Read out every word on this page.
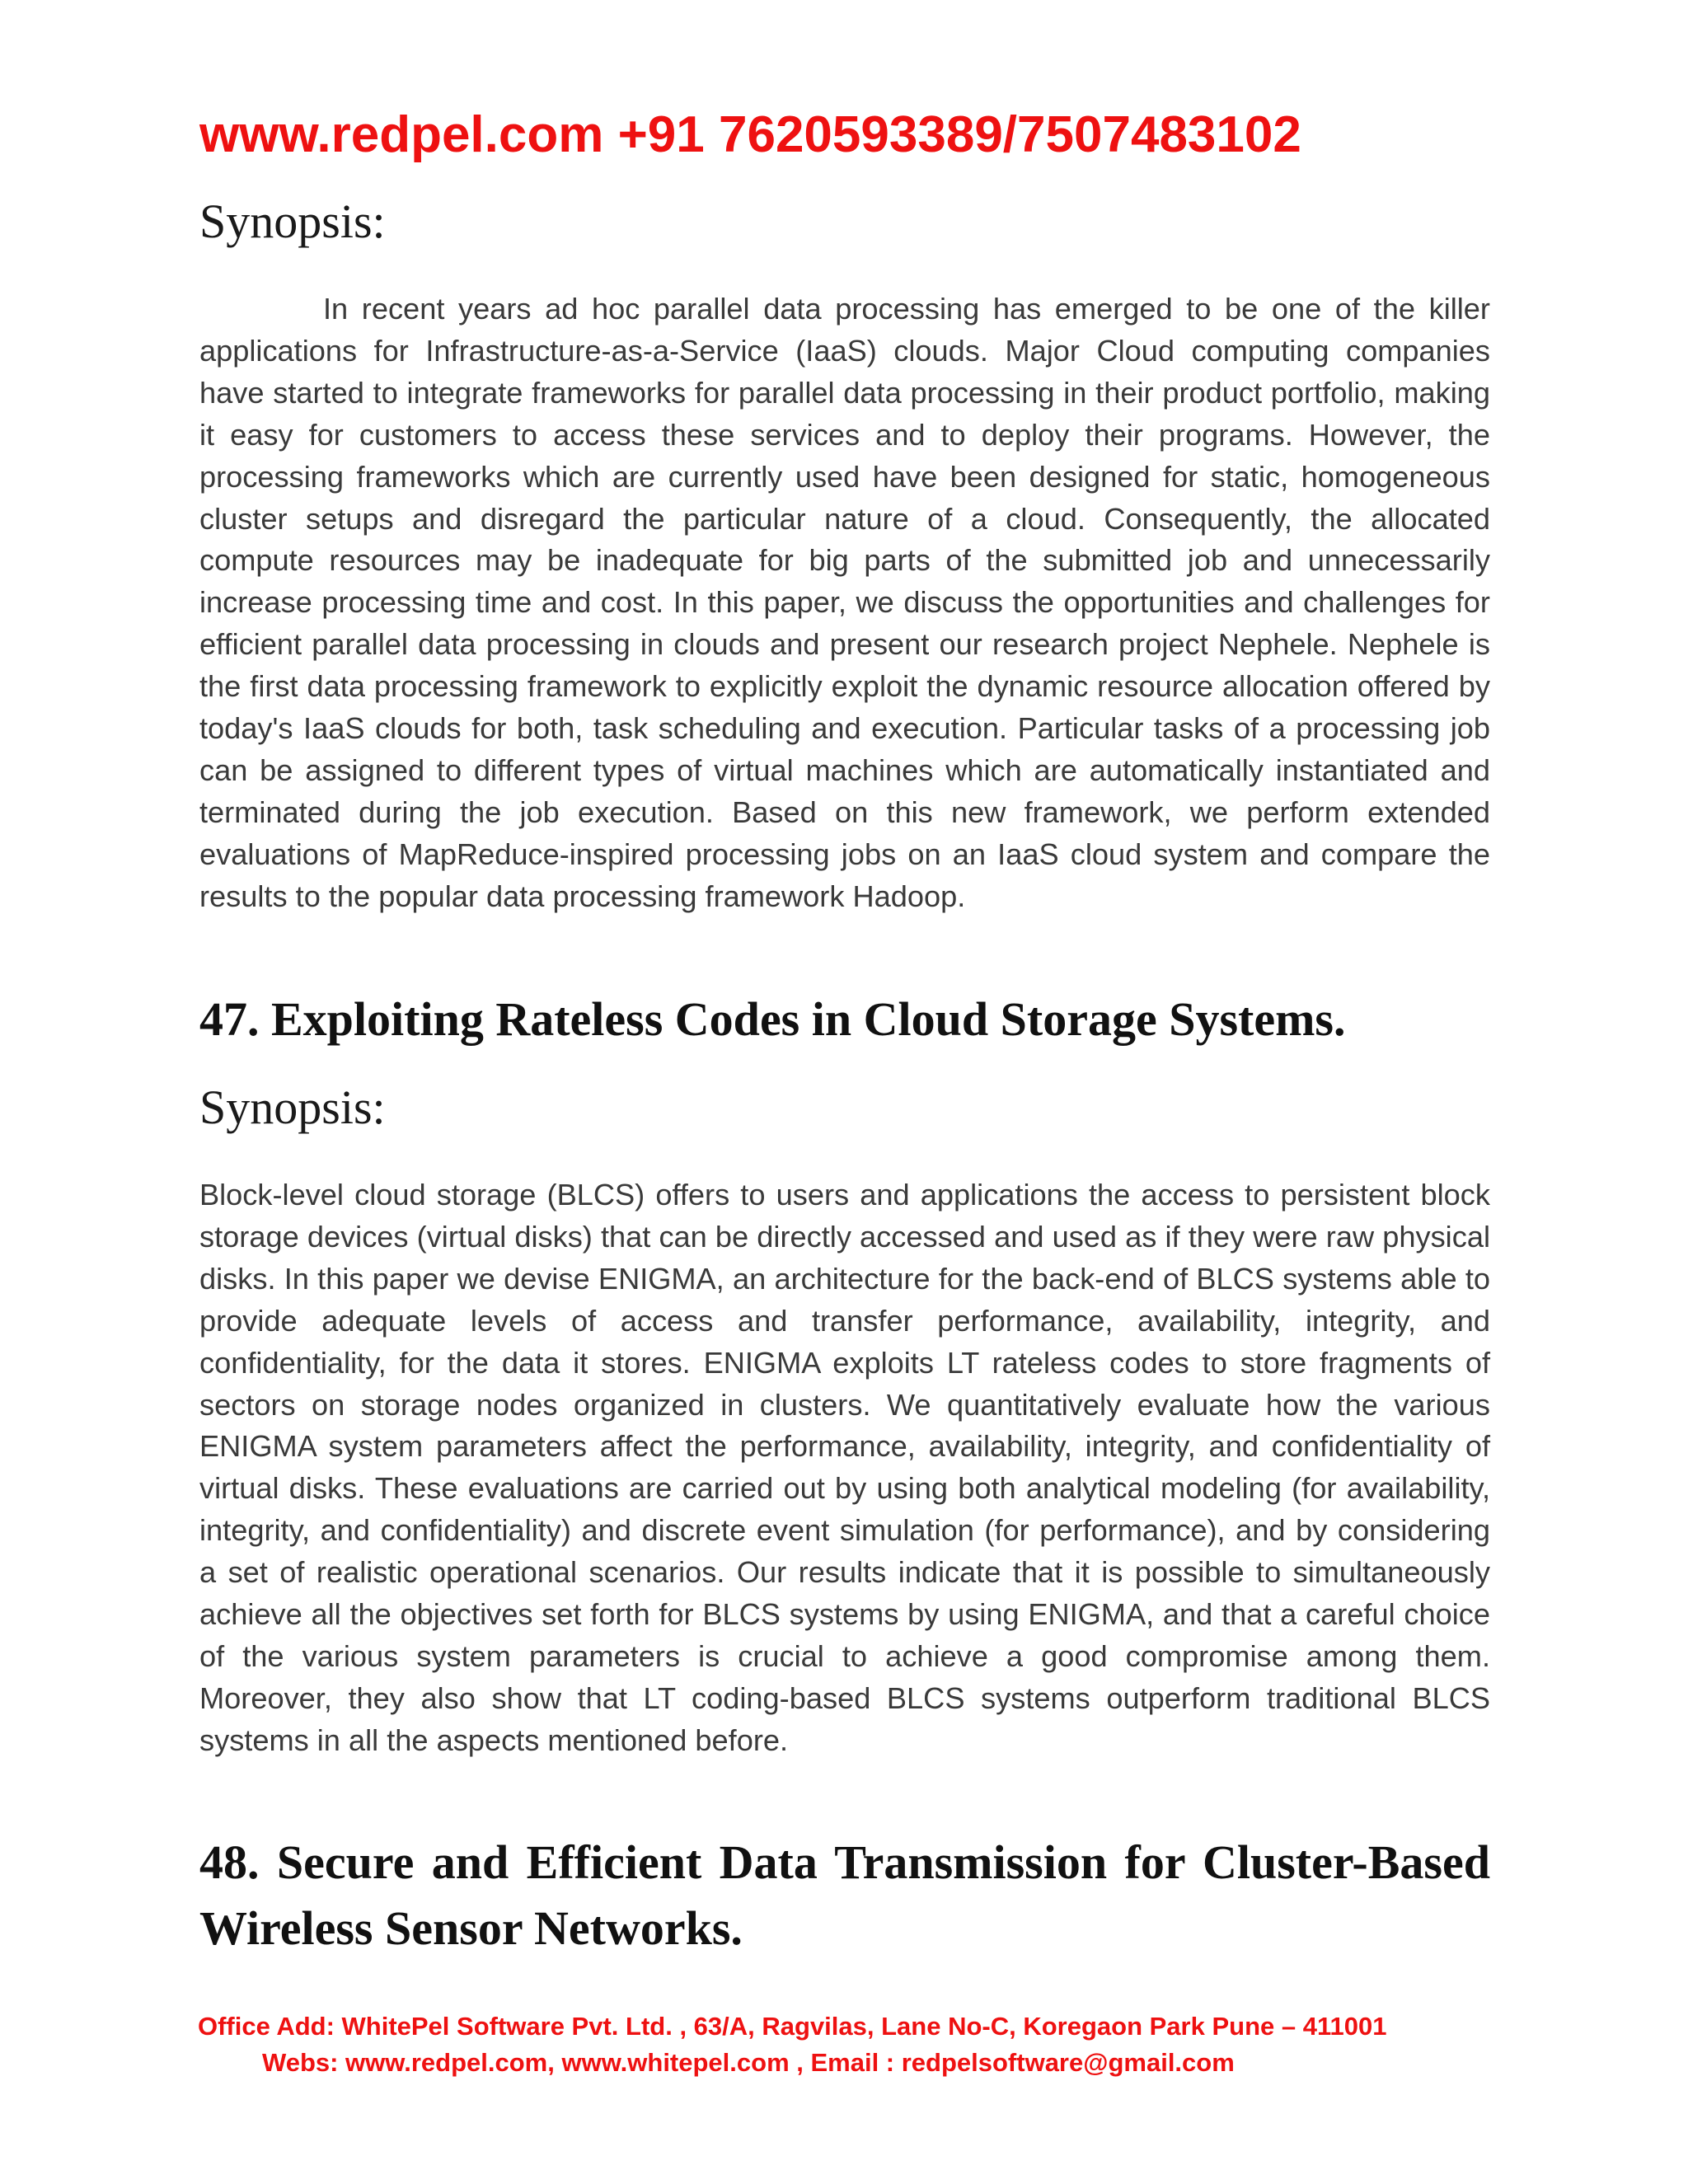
www.redpel.com +91 7620593389/7507483102
Synopsis:

In recent years ad hoc parallel data processing has emerged to be one of the killer applications for Infrastructure-as-a-Service (IaaS) clouds. Major Cloud computing companies have started to integrate frameworks for parallel data processing in their product portfolio, making it easy for customers to access these services and to deploy their programs. However, the processing frameworks which are currently used have been designed for static, homogeneous cluster setups and disregard the particular nature of a cloud. Consequently, the allocated compute resources may be inadequate for big parts of the submitted job and unnecessarily increase processing time and cost. In this paper, we discuss the opportunities and challenges for efficient parallel data processing in clouds and present our research project Nephele. Nephele is the first data processing framework to explicitly exploit the dynamic resource allocation offered by today's IaaS clouds for both, task scheduling and execution. Particular tasks of a processing job can be assigned to different types of virtual machines which are automatically instantiated and terminated during the job execution. Based on this new framework, we perform extended evaluations of MapReduce-inspired processing jobs on an IaaS cloud system and compare the results to the popular data processing framework Hadoop.

47. Exploiting Rateless Codes in Cloud Storage Systems.
Synopsis:

Block-level cloud storage (BLCS) offers to users and applications the access to persistent block storage devices (virtual disks) that can be directly accessed and used as if they were raw physical disks. In this paper we devise ENIGMA, an architecture for the back-end of BLCS systems able to provide adequate levels of access and transfer performance, availability, integrity, and confidentiality, for the data it stores. ENIGMA exploits LT rateless codes to store fragments of sectors on storage nodes organized in clusters. We quantitatively evaluate how the various ENIGMA system parameters affect the performance, availability, integrity, and confidentiality of virtual disks. These evaluations are carried out by using both analytical modeling (for availability, integrity, and confidentiality) and discrete event simulation (for performance), and by considering a set of realistic operational scenarios. Our results indicate that it is possible to simultaneously achieve all the objectives set forth for BLCS systems by using ENIGMA, and that a careful choice of the various system parameters is crucial to achieve a good compromise among them. Moreover, they also show that LT coding-based BLCS systems outperform traditional BLCS systems in all the aspects mentioned before.

48. Secure and Efficient Data Transmission for Cluster-Based Wireless Sensor Networks.
Office Add: WhitePel Software Pvt. Ltd. , 63/A, Ragvilas, Lane No-C, Koregaon Park Pune – 411001
Webs: www.redpel.com, www.whitepel.com , Email : redpelsoftware@gmail.com
